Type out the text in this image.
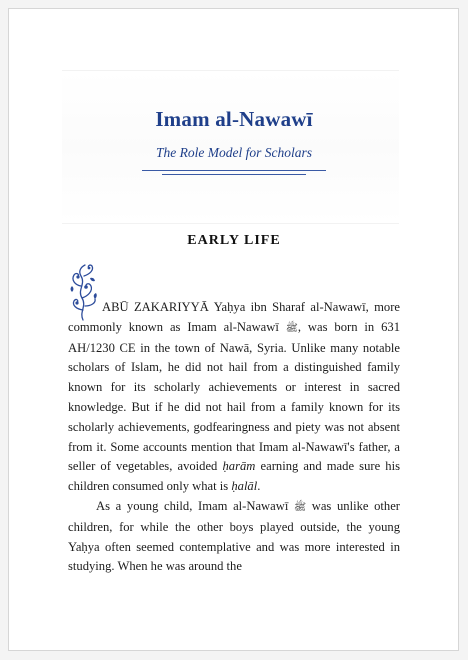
Imam al-Nawawī
The Role Model for Scholars
EARLY LIFE

ABŪ ZAKARIYYĀ Yaḥya ibn Sharaf al-Nawawī, more commonly known as Imam al-Nawawī ﷺ, was born in 631 AH/1230 CE in the town of Nawā, Syria. Unlike many notable scholars of Islam, he did not hail from a distinguished family known for its scholarly achievements or interest in sacred knowledge. But if he did not hail from a family known for its scholarly achievements, godfearingness and piety was not absent from it. Some accounts mention that Imam al-Nawawī's father, a seller of vegetables, avoided ḥarām earning and made sure his children consumed only what is ḥalāl.

As a young child, Imam al-Nawawī ﷺ was unlike other children, for while the other boys played outside, the young Yaḥya often seemed contemplative and was more interested in studying. When he was around the
